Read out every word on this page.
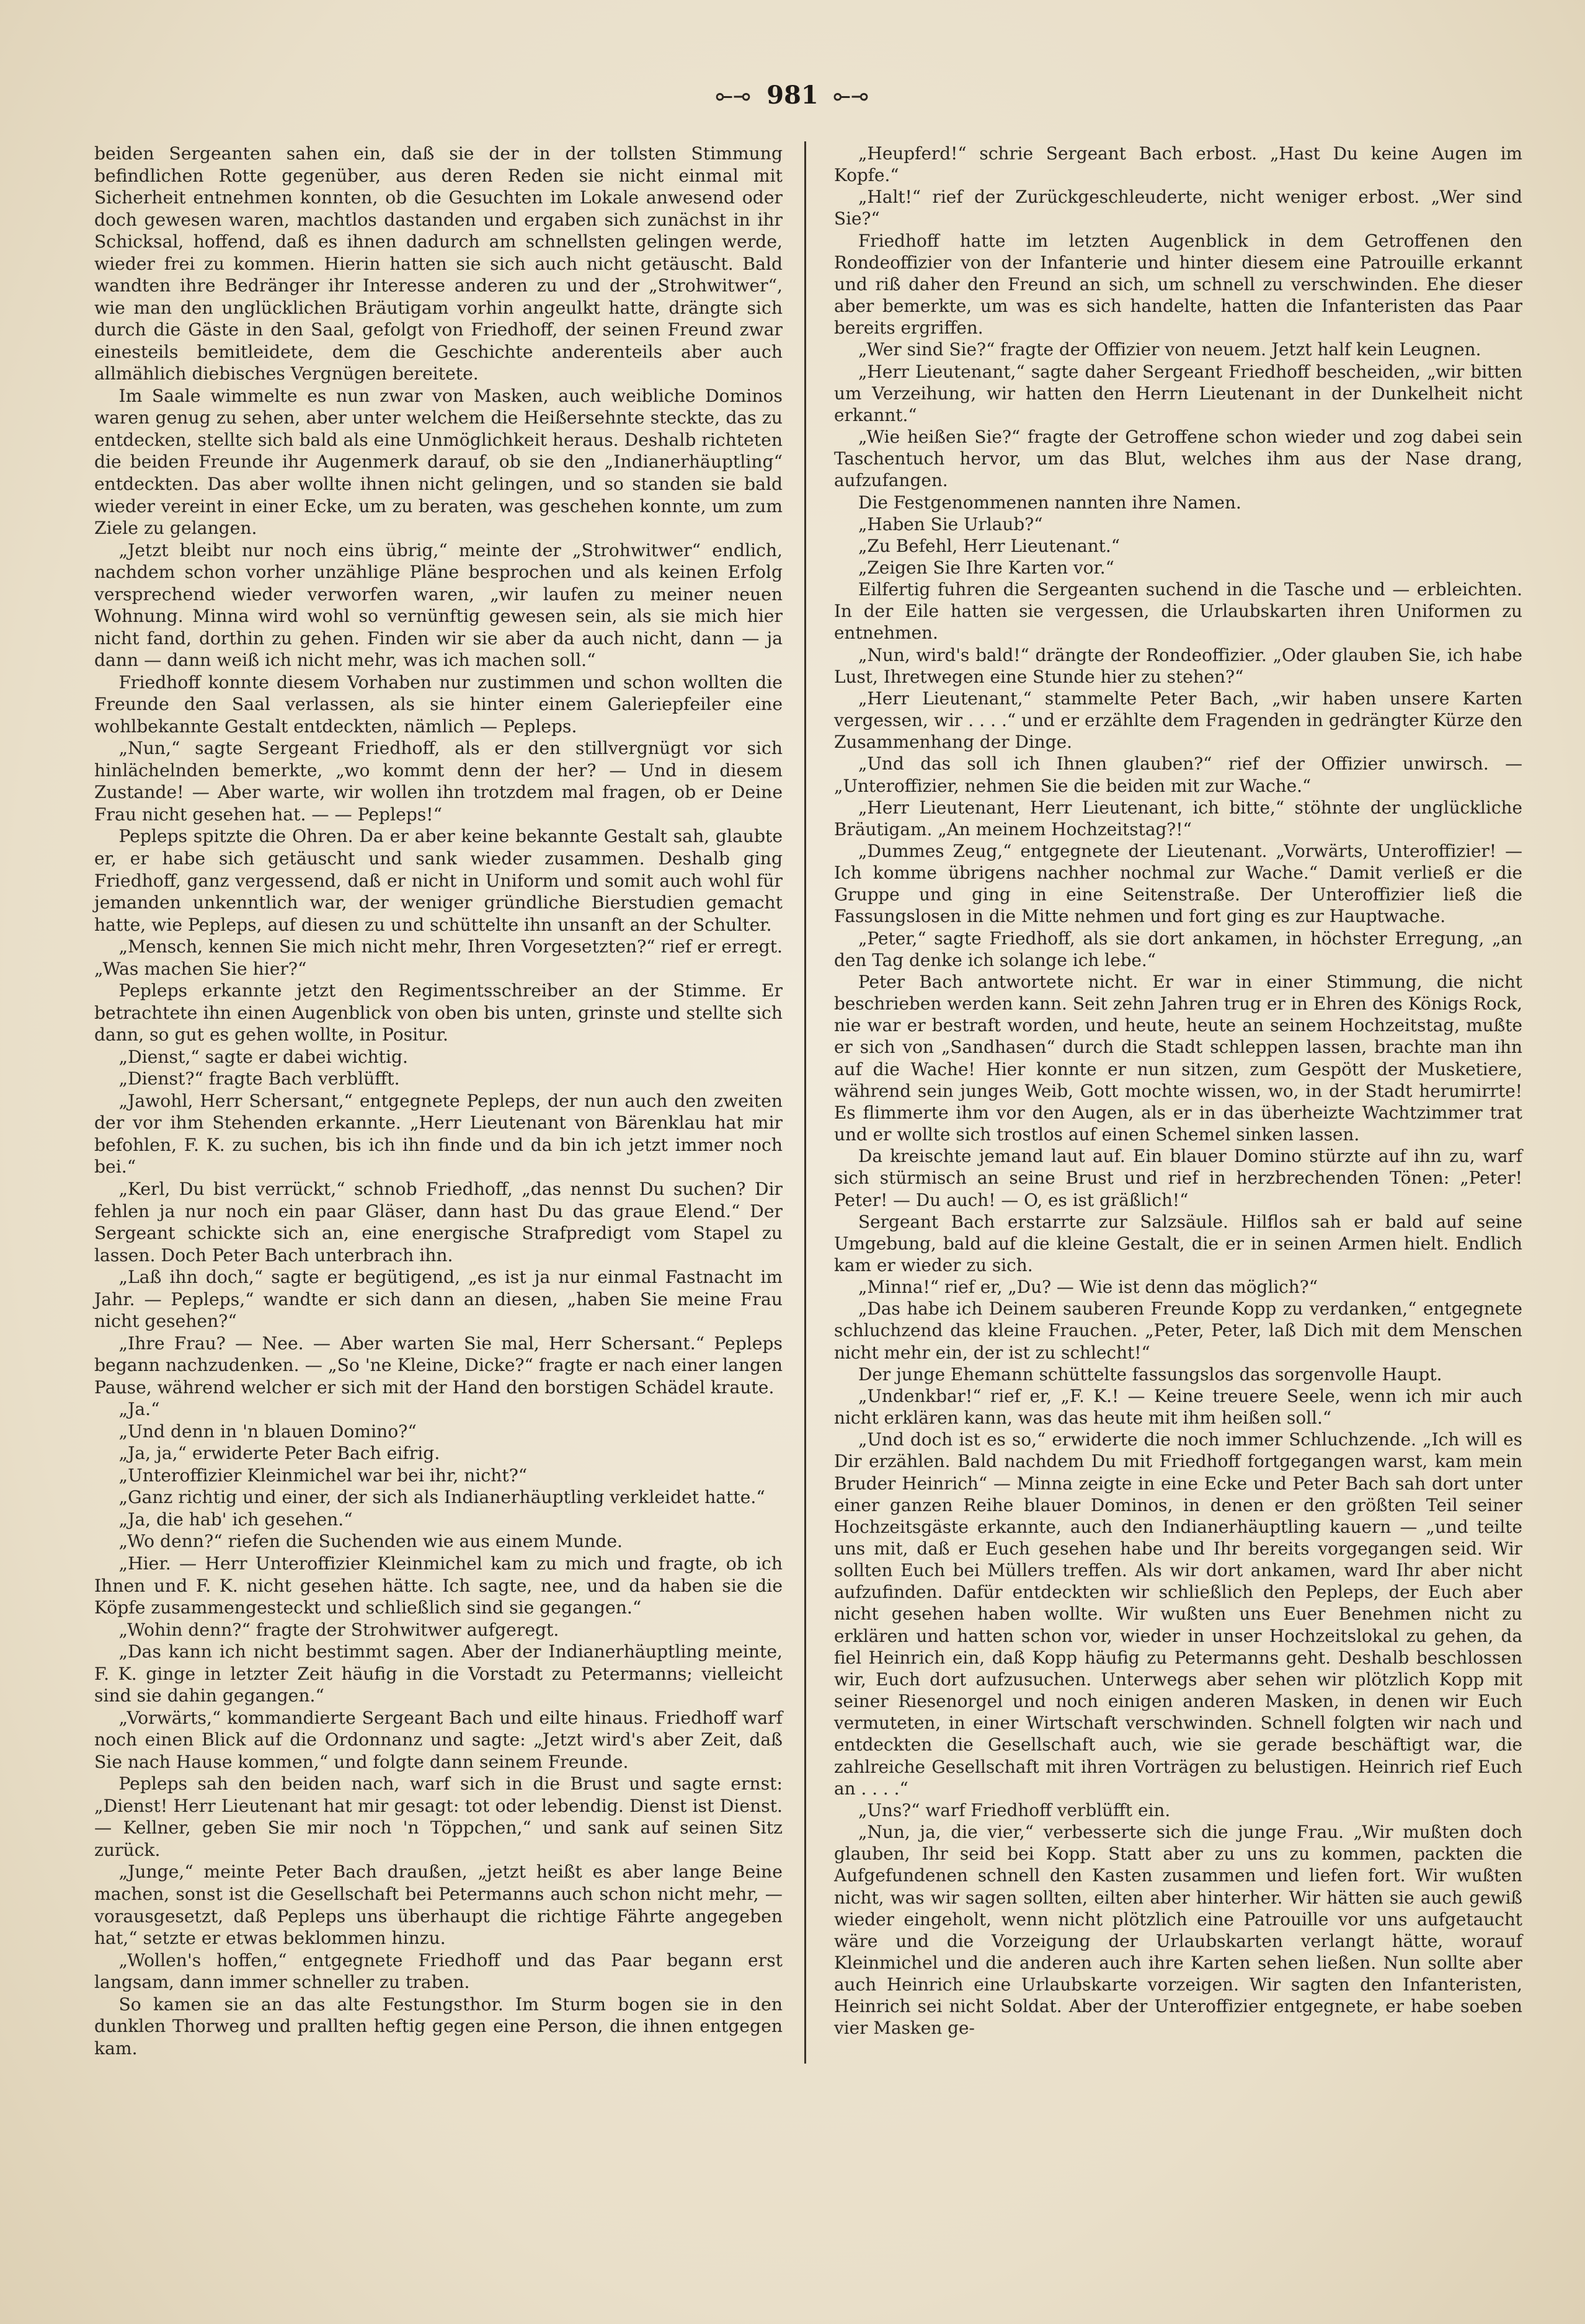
⟜⊸ 981 ⟜⊸

beiden Sergeanten sahen ein, daß sie der in der tollsten Stimmung befindlichen Rotte gegenüber, aus deren Reden sie nicht einmal mit Sicherheit entnehmen konnten, ob die Gesuchten im Lokale anwesend oder doch gewesen waren, machtlos dastanden und ergaben sich zunächst in ihr Schicksal, hoffend, daß es ihnen dadurch am schnellsten gelingen werde, wieder frei zu kommen. Hierin hatten sie sich auch nicht getäuscht. Bald wandten ihre Bedränger ihr Interesse anderen zu und der „Strohwitwer“, wie man den unglücklichen Bräutigam vorhin angeulkt hatte, drängte sich durch die Gäste in den Saal, gefolgt von Friedhoff, der seinen Freund zwar einesteils bemitleidete, dem die Geschichte anderenteils aber auch allmählich diebisches Vergnügen bereitete.

Im Saale wimmelte es nun zwar von Masken, auch weibliche Dominos waren genug zu sehen, aber unter welchem die Heißersehnte steckte, das zu entdecken, stellte sich bald als eine Unmöglichkeit heraus. Deshalb richteten die beiden Freunde ihr Augenmerk darauf, ob sie den „Indianerhäuptling“ entdeckten. Das aber wollte ihnen nicht gelingen, und so standen sie bald wieder vereint in einer Ecke, um zu beraten, was geschehen konnte, um zum Ziele zu gelangen.

„Jetzt bleibt nur noch eins übrig,“ meinte der „Strohwitwer“ endlich, nachdem schon vorher unzählige Pläne besprochen und als keinen Erfolg versprechend wieder verworfen waren, „wir laufen zu meiner neuen Wohnung. Minna wird wohl so vernünftig gewesen sein, als sie mich hier nicht fand, dorthin zu gehen. Finden wir sie aber da auch nicht, dann — ja dann — dann weiß ich nicht mehr, was ich machen soll.“

Friedhoff konnte diesem Vorhaben nur zustimmen und schon wollten die Freunde den Saal verlassen, als sie hinter einem Galeriepfeiler eine wohlbekannte Gestalt entdeckten, nämlich — Pepleps.

„Nun,“ sagte Sergeant Friedhoff, als er den stillvergnügt vor sich hinlächelnden bemerkte, „wo kommt denn der her? — Und in diesem Zustande! — Aber warte, wir wollen ihn trotzdem mal fragen, ob er Deine Frau nicht gesehen hat. — — Pepleps!“

Pepleps spitzte die Ohren. Da er aber keine bekannte Gestalt sah, glaubte er, er habe sich getäuscht und sank wieder zusammen. Deshalb ging Friedhoff, ganz vergessend, daß er nicht in Uniform und somit auch wohl für jemanden unkenntlich war, der weniger gründliche Bierstudien gemacht hatte, wie Pepleps, auf diesen zu und schüttelte ihn unsanft an der Schulter.

„Mensch, kennen Sie mich nicht mehr, Ihren Vorgesetzten?“ rief er erregt. „Was machen Sie hier?“

Pepleps erkannte jetzt den Regimentsschreiber an der Stimme. Er betrachtete ihn einen Augenblick von oben bis unten, grinste und stellte sich dann, so gut es gehen wollte, in Positur.

„Dienst,“ sagte er dabei wichtig.

„Dienst?“ fragte Bach verblüfft.

„Jawohl, Herr Schersant,“ entgegnete Pepleps, der nun auch den zweiten der vor ihm Stehenden erkannte. „Herr Lieutenant von Bärenklau hat mir befohlen, F. K. zu suchen, bis ich ihn finde und da bin ich jetzt immer noch bei.“

„Kerl, Du bist verrückt,“ schnob Friedhoff, „das nennst Du suchen? Dir fehlen ja nur noch ein paar Gläser, dann hast Du das graue Elend.“ Der Sergeant schickte sich an, eine energische Strafpredigt vom Stapel zu lassen. Doch Peter Bach unterbrach ihn.

„Laß ihn doch,“ sagte er begütigend, „es ist ja nur einmal Fastnacht im Jahr. — Pepleps,“ wandte er sich dann an diesen, „haben Sie meine Frau nicht gesehen?“

„Ihre Frau? — Nee. — Aber warten Sie mal, Herr Schersant.“ Pepleps begann nachzudenken. — „So 'ne Kleine, Dicke?“ fragte er nach einer langen Pause, während welcher er sich mit der Hand den borstigen Schädel kraute.

„Ja.“

„Und denn in 'n blauen Domino?“

„Ja, ja,“ erwiderte Peter Bach eifrig.

„Unteroffizier Kleinmichel war bei ihr, nicht?“

„Ganz richtig und einer, der sich als Indianerhäuptling verkleidet hatte.“

„Ja, die hab' ich gesehen.“

„Wo denn?“ riefen die Suchenden wie aus einem Munde.

„Hier. — Herr Unteroffizier Kleinmichel kam zu mich und fragte, ob ich Ihnen und F. K. nicht gesehen hätte. Ich sagte, nee, und da haben sie die Köpfe zusammengesteckt und schließlich sind sie gegangen.“

„Wohin denn?“ fragte der Strohwitwer aufgeregt.

„Das kann ich nicht bestimmt sagen. Aber der Indianerhäuptling meinte, F. K. ginge in letzter Zeit häufig in die Vorstadt zu Petermanns; vielleicht sind sie dahin gegangen.“

„Vorwärts,“ kommandierte Sergeant Bach und eilte hinaus. Friedhoff warf noch einen Blick auf die Ordonnanz und sagte: „Jetzt wird's aber Zeit, daß Sie nach Hause kommen,“ und folgte dann seinem Freunde.

Pepleps sah den beiden nach, warf sich in die Brust und sagte ernst: „Dienst! Herr Lieutenant hat mir gesagt: tot oder lebendig. Dienst ist Dienst. — Kellner, geben Sie mir noch 'n Töppchen,“ und sank auf seinen Sitz zurück.

„Junge,“ meinte Peter Bach draußen, „jetzt heißt es aber lange Beine machen, sonst ist die Gesellschaft bei Petermanns auch schon nicht mehr, — vorausgesetzt, daß Pepleps uns überhaupt die richtige Fährte angegeben hat,“ setzte er etwas beklommen hinzu.

„Wollen's hoffen,“ entgegnete Friedhoff und das Paar begann erst langsam, dann immer schneller zu traben.

So kamen sie an das alte Festungsthor. Im Sturm bogen sie in den dunklen Thorweg und prallten heftig gegen eine Person, die ihnen entgegen kam.

„Heupferd!“ schrie Sergeant Bach erbost. „Hast Du keine Augen im Kopfe.“

„Halt!“ rief der Zurückgeschleuderte, nicht weniger erbost. „Wer sind Sie?“

Friedhoff hatte im letzten Augenblick in dem Getroffenen den Rondeoffizier von der Infanterie und hinter diesem eine Patrouille erkannt und riß daher den Freund an sich, um schnell zu verschwinden. Ehe dieser aber bemerkte, um was es sich handelte, hatten die Infanteristen das Paar bereits ergriffen.

„Wer sind Sie?“ fragte der Offizier von neuem. Jetzt half kein Leugnen.

„Herr Lieutenant,“ sagte daher Sergeant Friedhoff bescheiden, „wir bitten um Verzeihung, wir hatten den Herrn Lieutenant in der Dunkelheit nicht erkannt.“

„Wie heißen Sie?“ fragte der Getroffene schon wieder und zog dabei sein Taschentuch hervor, um das Blut, welches ihm aus der Nase drang, aufzufangen.

Die Festgenommenen nannten ihre Namen.

„Haben Sie Urlaub?“

„Zu Befehl, Herr Lieutenant.“

„Zeigen Sie Ihre Karten vor.“

Eilfertig fuhren die Sergeanten suchend in die Tasche und — erbleichten. In der Eile hatten sie vergessen, die Urlaubskarten ihren Uniformen zu entnehmen.

„Nun, wird's bald!“ drängte der Rondeoffizier. „Oder glauben Sie, ich habe Lust, Ihretwegen eine Stunde hier zu stehen?“

„Herr Lieutenant,“ stammelte Peter Bach, „wir haben unsere Karten vergessen, wir . . . .“ und er erzählte dem Fragenden in gedrängter Kürze den Zusammenhang der Dinge.

„Und das soll ich Ihnen glauben?“ rief der Offizier unwirsch. — „Unteroffizier, nehmen Sie die beiden mit zur Wache.“

„Herr Lieutenant, Herr Lieutenant, ich bitte,“ stöhnte der unglückliche Bräutigam. „An meinem Hochzeitstag?!“

„Dummes Zeug,“ entgegnete der Lieutenant. „Vorwärts, Unteroffizier! — Ich komme übrigens nachher nochmal zur Wache.“ Damit verließ er die Gruppe und ging in eine Seitenstraße. Der Unteroffizier ließ die Fassungslosen in die Mitte nehmen und fort ging es zur Hauptwache.

„Peter,“ sagte Friedhoff, als sie dort ankamen, in höchster Erregung, „an den Tag denke ich solange ich lebe.“

Peter Bach antwortete nicht. Er war in einer Stimmung, die nicht beschrieben werden kann. Seit zehn Jahren trug er in Ehren des Königs Rock, nie war er bestraft worden, und heute, heute an seinem Hochzeitstag, mußte er sich von „Sandhasen“ durch die Stadt schleppen lassen, brachte man ihn auf die Wache! Hier konnte er nun sitzen, zum Gespött der Musketiere, während sein junges Weib, Gott mochte wissen, wo, in der Stadt herumirrte! Es flimmerte ihm vor den Augen, als er in das überheizte Wachtzimmer trat und er wollte sich trostlos auf einen Schemel sinken lassen.

Da kreischte jemand laut auf. Ein blauer Domino stürzte auf ihn zu, warf sich stürmisch an seine Brust und rief in herzbrechenden Tönen: „Peter! Peter! — Du auch! — O, es ist gräßlich!“

Sergeant Bach erstarrte zur Salzsäule. Hilflos sah er bald auf seine Umgebung, bald auf die kleine Gestalt, die er in seinen Armen hielt. Endlich kam er wieder zu sich.

„Minna!“ rief er, „Du? — Wie ist denn das möglich?“

„Das habe ich Deinem sauberen Freunde Kopp zu verdanken,“ entgegnete schluchzend das kleine Frauchen. „Peter, Peter, laß Dich mit dem Menschen nicht mehr ein, der ist zu schlecht!“

Der junge Ehemann schüttelte fassungslos das sorgenvolle Haupt.

„Undenkbar!“ rief er, „F. K.! — Keine treuere Seele, wenn ich mir auch nicht erklären kann, was das heute mit ihm heißen soll.“

„Und doch ist es so,“ erwiderte die noch immer Schluchzende. „Ich will es Dir erzählen. Bald nachdem Du mit Friedhoff fortgegangen warst, kam mein Bruder Heinrich“ — Minna zeigte in eine Ecke und Peter Bach sah dort unter einer ganzen Reihe blauer Dominos, in denen er den größten Teil seiner Hochzeitsgäste erkannte, auch den Indianerhäuptling kauern — „und teilte uns mit, daß er Euch gesehen habe und Ihr bereits vorgegangen seid. Wir sollten Euch bei Müllers treffen. Als wir dort ankamen, ward Ihr aber nicht aufzufinden. Dafür entdeckten wir schließlich den Pepleps, der Euch aber nicht gesehen haben wollte. Wir wußten uns Euer Benehmen nicht zu erklären und hatten schon vor, wieder in unser Hochzeitslokal zu gehen, da fiel Heinrich ein, daß Kopp häufig zu Petermanns geht. Deshalb beschlossen wir, Euch dort aufzusuchen. Unterwegs aber sehen wir plötzlich Kopp mit seiner Riesenorgel und noch einigen anderen Masken, in denen wir Euch vermuteten, in einer Wirtschaft verschwinden. Schnell folgten wir nach und entdeckten die Gesellschaft auch, wie sie gerade beschäftigt war, die zahlreiche Gesellschaft mit ihren Vorträgen zu belustigen. Heinrich rief Euch an . . . .“

„Uns?“ warf Friedhoff verblüfft ein.

„Nun, ja, die vier,“ verbesserte sich die junge Frau. „Wir mußten doch glauben, Ihr seid bei Kopp. Statt aber zu uns zu kommen, packten die Aufgefundenen schnell den Kasten zusammen und liefen fort. Wir wußten nicht, was wir sagen sollten, eilten aber hinterher. Wir hätten sie auch gewiß wieder eingeholt, wenn nicht plötzlich eine Patrouille vor uns aufgetaucht wäre und die Vorzeigung der Urlaubskarten verlangt hätte, worauf Kleinmichel und die anderen auch ihre Karten sehen ließen. Nun sollte aber auch Heinrich eine Urlaubskarte vorzeigen. Wir sagten den Infanteristen, Heinrich sei nicht Soldat. Aber der Unteroffizier entgegnete, er habe soeben vier Masken ge-
